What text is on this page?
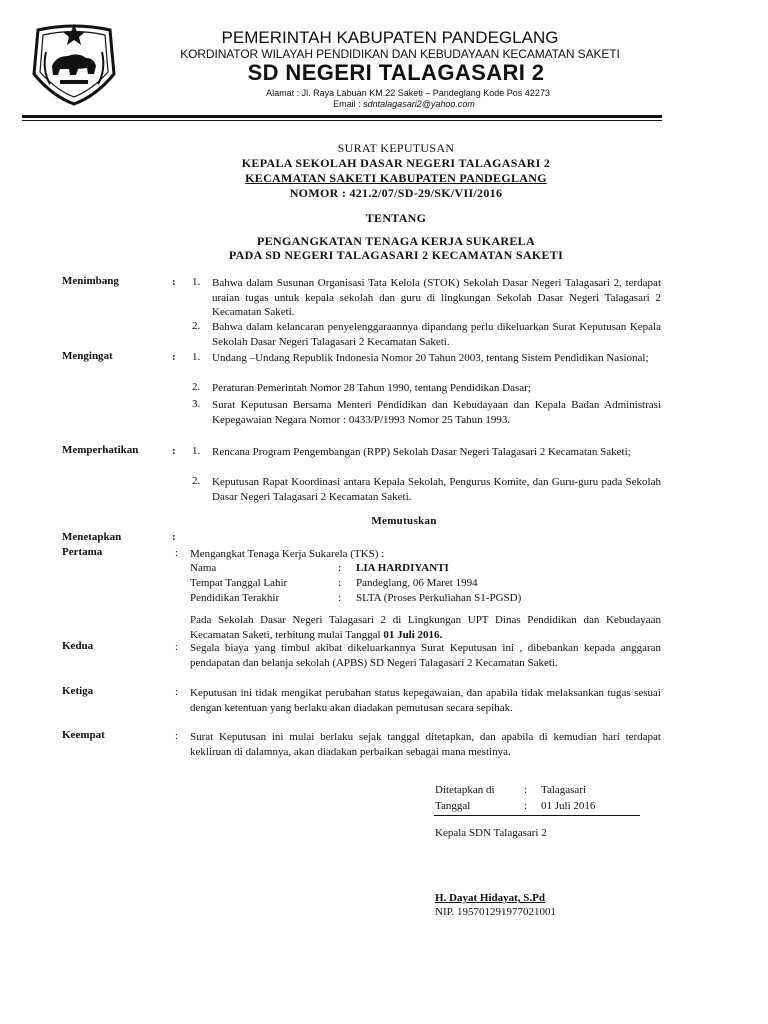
PEMERINTAH KABUPATEN PANDEGLANG
KORDINATOR WILAYAH PENDIDIKAN DAN KEBUDAYAAN KECAMATAN SAKETI
SD NEGERI TALAGASARI 2
Alamat : Jl. Raya Labuan KM.22 Saketi – Pandeglang Kode Pos 42273
Email : sdntalagasari2@yahoo.com
SURAT KEPUTUSAN
KEPALA SEKOLAH DASAR NEGERI TALAGASARI 2
KECAMATAN SAKETI KABUPATEN PANDEGLANG
NOMOR : 421.2/07/SD-29/SK/VII/2016
TENTANG
PENGANGKATAN TENAGA KERJA SUKARELA
PADA SD NEGERI TALAGASARI 2 KECAMATAN SAKETI
Menimbang	: 1. Bahwa dalam Susunan Organisasi Tata Kelola (STOK) Sekolah Dasar Negeri Talagasari 2, terdapat uraian tugas untuk kepala sekolah dan guru di lingkungan Sekolah Dasar Negeri Talagasari 2 Kecamatan Saketi.
2. Bahwa dalam kelancaran penyelenggaraannya dipandang perlu dikeluarkan Surat Keputusan Kepala Sekolah Dasar Negeri Talagasari 2 Kecamatan Saketi.
Mengingat	: 1. Undang –Undang Republik Indonesia Nomor 20 Tahun 2003, tentang Sistem Pendidikan Nasional;
2. Peraturan Pemerintah Nomor 28 Tahun 1990, tentang Pendidikan Dasar;
3. Surat Keputusan Bersama Menteri Pendidikan dan Kebudayaan dan Kepala Badan Administrasi Kepegawaian Negara Nomor : 0433/P/1993 Nomor 25 Tahun 1993.
Memperhatikan	: 1. Rencana Program Pengembangan (RPP) Sekolah Dasar Negeri Talagasari 2 Kecamatan Saketi;
2. Keputusan Rapat Koordinasi antara Kepala Sekolah, Pengurus Komite, dan Guru-guru pada Sekolah Dasar Negeri Talagasari 2 Kecamatan Saketi.
Memutuskan
Menetapkan	:
Pertama	: Mengangkat Tenaga Kerja Sukarela (TKS) :
Nama	: LIA HARDIYANTI
Tempat Tanggal Lahir	: Pandeglang, 06 Maret 1994
Pendidikan Terakhir	: SLTA (Proses Perkuliahan S1-PGSD)
Pada Sekolah Dasar Negeri Talagasari 2 di Lingkungan UPT Dinas Pendidikan dan Kebudayaan Kecamatan Saketi, terhitung mulai Tanggal 01 Juli 2016.
Kedua	: Segala biaya yang timbul akibat dikeluarkannya Surat Keputusan ini , dibebankan kepada anggaran pendapatan dan belanja sekolah (APBS) SD Negeri Talagasari 2 Kecamatan Saketi.
Ketiga	: Keputusan ini tidak mengikat perubahan status kepegawaian, dan apabila tidak melaksankan tugas sesuai dengan ketentuan yang berlaku akan diadakan pemutusan secara sepihak.
Keempat	: Surat Keputusan ini mulai berlaku sejak tanggal ditetapkan, dan apabila di kemudian hari terdapat kekliruan di dalamnya, akan diadakan perbaikan sebagai mana mestinya.
Ditetapkan di	: Talagasari
Tanggal	: 01 Juli 2016
Kepala SDN Talagasari 2
H. Dayat Hidayat, S.Pd
NIP. 195701291977021001
